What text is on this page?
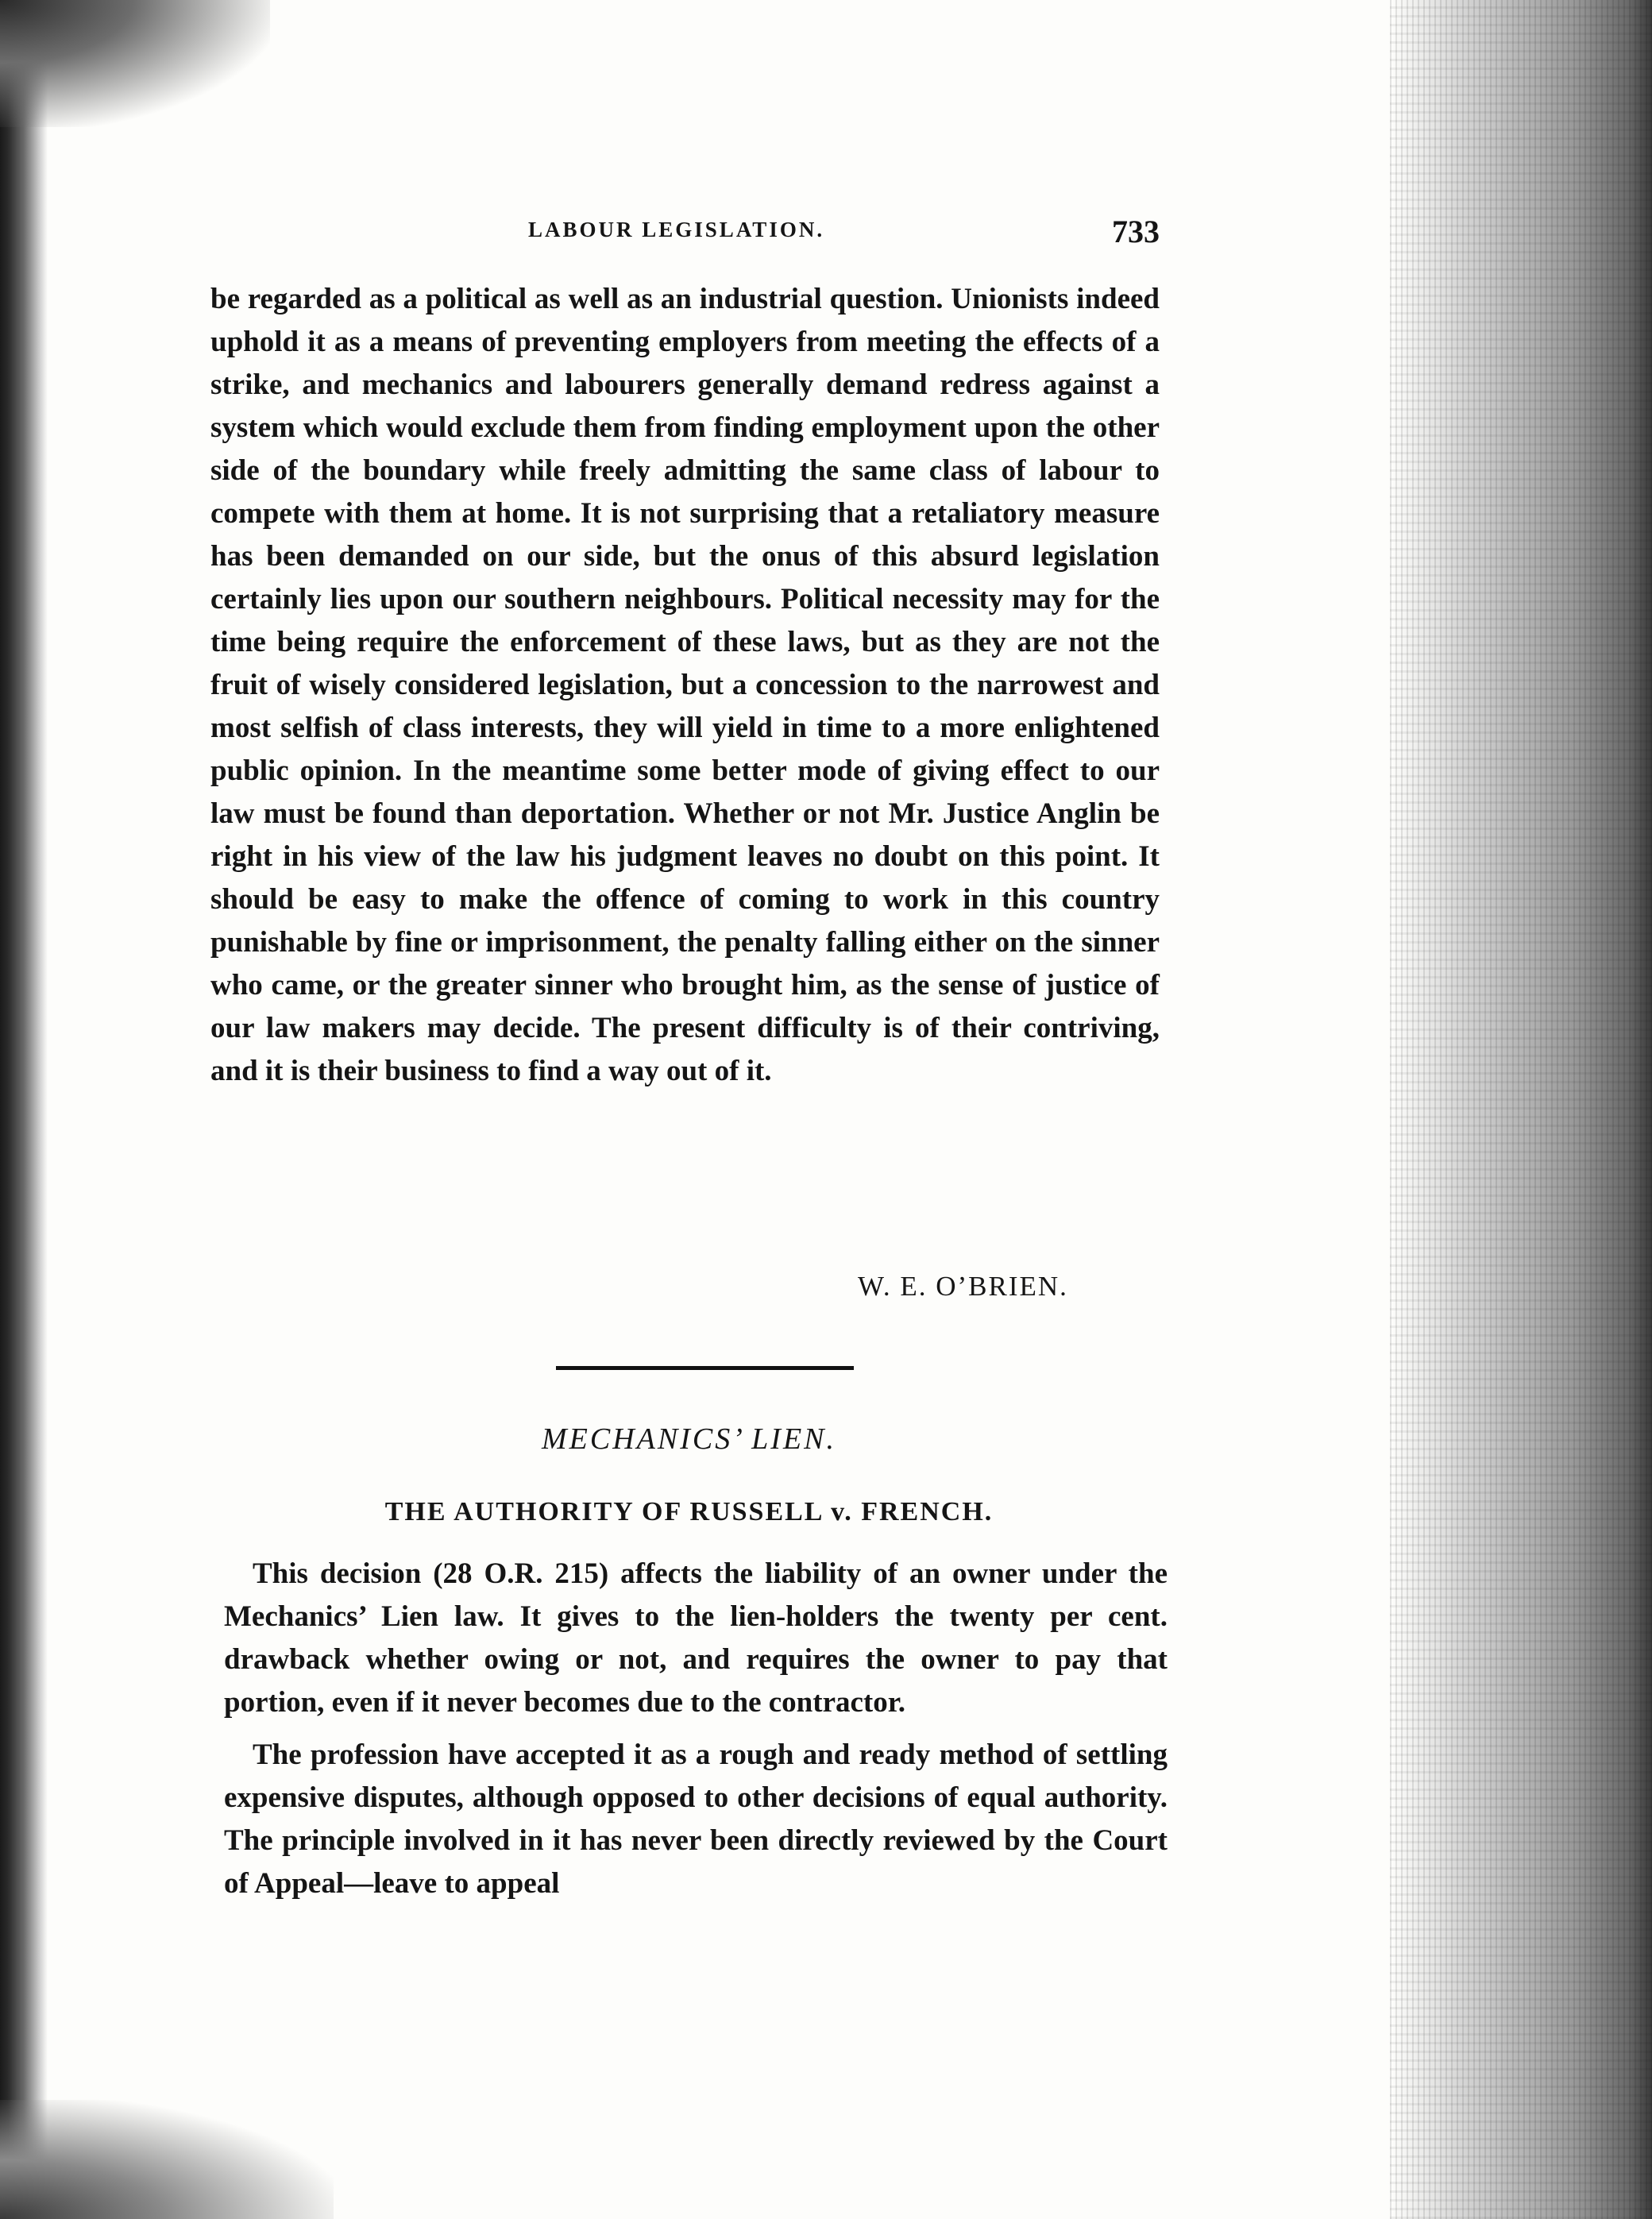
LABOUR LEGISLATION.	733

be regarded as a political as well as an industrial question. Unionists indeed uphold it as a means of preventing employers from meeting the effects of a strike, and mechanics and labourers generally demand redress against a system which would exclude them from finding employment upon the other side of the boundary while freely admitting the same class of labour to compete with them at home. It is not surprising that a retaliatory measure has been demanded on our side, but the onus of this absurd legislation certainly lies upon our southern neighbours. Political necessity may for the time being require the enforcement of these laws, but as they are not the fruit of wisely considered legislation, but a concession to the narrowest and most selfish of class interests, they will yield in time to a more enlightened public opinion. In the meantime some better mode of giving effect to our law must be found than deportation. Whether or not Mr. Justice Anglin be right in his view of the law his judgment leaves no doubt on this point. It should be easy to make the offence of coming to work in this country punishable by fine or imprisonment, the penalty falling either on the sinner who came, or the greater sinner who brought him, as the sense of justice of our law makers may decide. The present difficulty is of their contriving, and it is their business to find a way out of it.

W. E. O’BRIEN.
MECHANICS’ LIEN.
THE AUTHORITY OF RUSSELL v. FRENCH.

This decision (28 O.R. 215) affects the liability of an owner under the Mechanics’ Lien law. It gives to the lien-holders the twenty per cent. drawback whether owing or not, and requires the owner to pay that portion, even if it never becomes due to the contractor.

The profession have accepted it as a rough and ready method of settling expensive disputes, although opposed to other decisions of equal authority. The principle involved in it has never been directly reviewed by the Court of Appeal—leave to appeal
